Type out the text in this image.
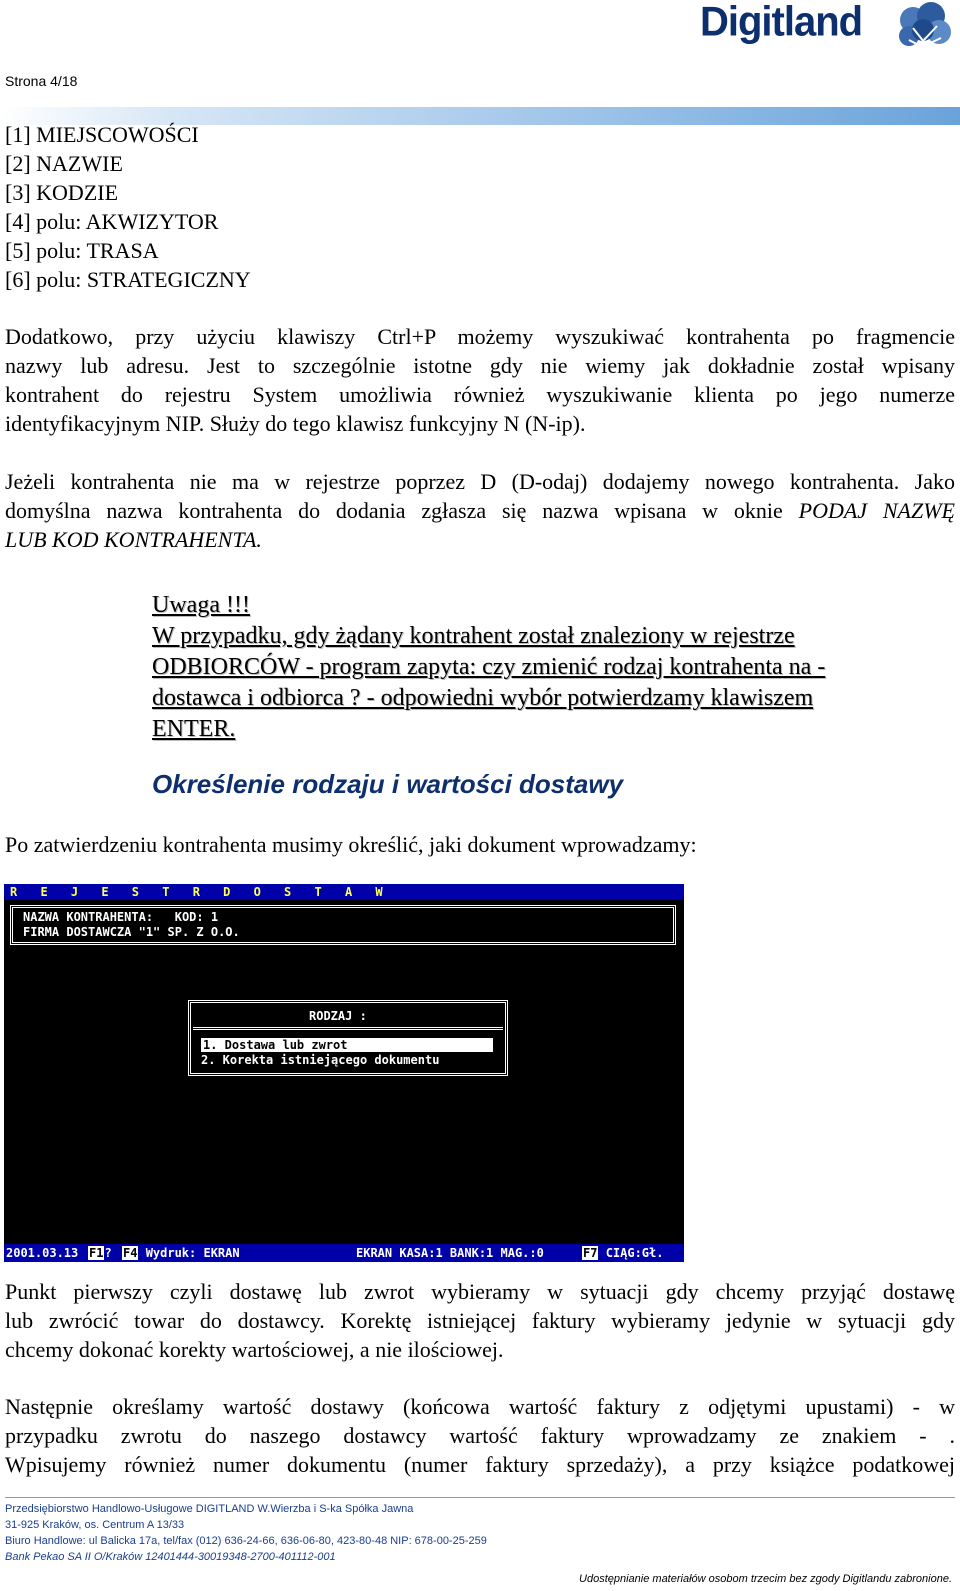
Digitland
Strona 4/18
[1] MIEJSCOWOŚCI
[2] NAZWIE
[3] KODZIE
[4] polu: AKWIZYTOR
[5] polu: TRASA
[6] polu: STRATEGICZNY
Dodatkowo, przy użyciu klawiszy Ctrl+P możemy wyszukiwać kontrahenta po fragmencie
nazwy lub adresu. Jest to szczególnie istotne gdy nie wiemy jak dokładnie został wpisany
kontrahent do rejestru System umożliwia również wyszukiwanie klienta po jego numerze
identyfikacyjnym NIP. Służy do tego klawisz funkcyjny N (N-ip).
Jeżeli kontrahenta nie ma w rejestrze poprzez D (D-odaj) dodajemy nowego kontrahenta. Jako
domyślna nazwa kontrahenta do dodania zgłasza się nazwa wpisana w oknie PODAJ NAZWĘ
LUB KOD KONTRAHENTA.
Uwaga !!!
W przypadku, gdy żądany kontrahent został znaleziony w rejestrze
ODBIORCÓW - program zapyta: czy zmienić rodzaj kontrahenta na -
dostawca i odbiorca ? - odpowiedni wybór potwierdzamy klawiszem
ENTER.
Określenie rodzaju i wartości dostawy
Po zatwierdzeniu kontrahenta musimy określić, jaki dokument wprowadzamy:
R E J E S T R D O S T A W
NAZWA KONTRAHENTA:   KOD: 1
FIRMA DOSTAWCZA "1" SP. Z O.O.
RODZAJ :
1. Dostawa lub zwrot
2. Korekta istniejącego dokumentu
2001.03.13 F1? F4 Wydruk: EKRAN	EKRAN KASA:1 BANK:1 MAG.:0	F7 CIĄG:Gł.
Punkt pierwszy czyli dostawę lub zwrot wybieramy w sytuacji gdy chcemy przyjąć dostawę
lub zwrócić towar do dostawcy. Korektę istniejącej faktury wybieramy jedynie w sytuacji gdy
chcemy dokonać korekty wartościowej, a nie ilościowej.
Następnie określamy wartość dostawy (końcowa wartość faktury z odjętymi upustami) - w
przypadku zwrotu do naszego dostawcy wartość faktury wprowadzamy ze znakiem - .
Wpisujemy również numer dokumentu (numer faktury sprzedaży), a przy książce podatkowej
Przedsiębiorstwo Handlowo-Usługowe DIGITLAND W.Wierzba i S-ka Spółka Jawna
31-925 Kraków, os. Centrum A 13/33
Biuro Handlowe: ul Balicka 17a, tel/fax (012) 636-24-66, 636-06-80, 423-80-48 NIP: 678-00-25-259
Bank Pekao SA II O/Kraków 12401444-30019348-2700-401112-001
Udostępnianie materiałów osobom trzecim bez zgody Digitlandu zabronione.
